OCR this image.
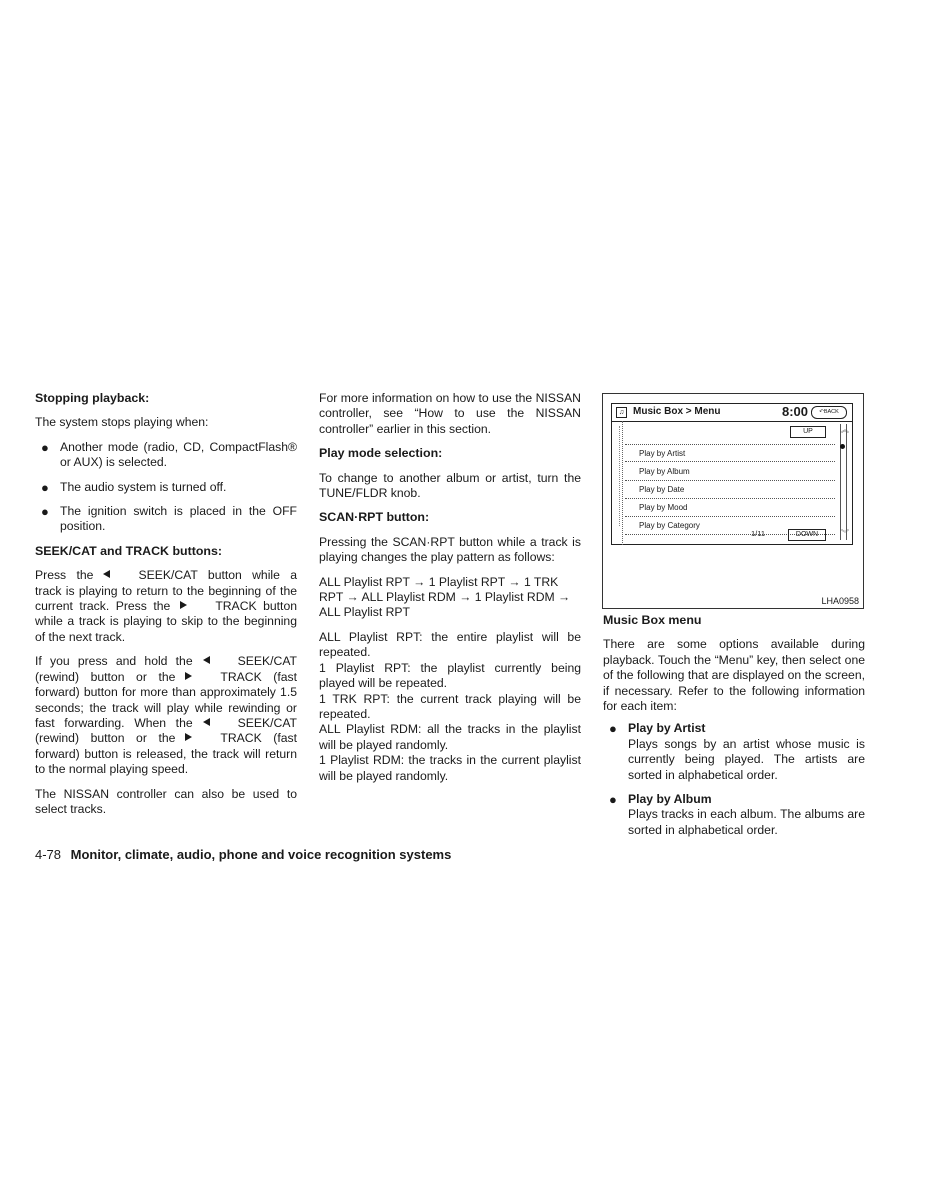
Stopping playback:

The system stops playing when:

● Another mode (radio, CD, CompactFlash® or AUX) is selected.
● The audio system is turned off.
● The ignition switch is placed in the OFF position.
SEEK/CAT and TRACK buttons:

Press the	SEEK/CAT button while a track is playing to return to the beginning of the current track. Press the	TRACK button while a track is playing to skip to the beginning of the next track.

If you press and hold the	SEEK/CAT (rewind) button or the	TRACK (fast forward) button for more than approximately 1.5 seconds; the track will play while rewinding or fast forwarding. When the	SEEK/CAT (rewind) button or the	TRACK (fast forward) button is released, the track will return to the normal playing speed.

The NISSAN controller can also be used to select tracks.

For more information on how to use the NISSAN controller, see “How to use the NISSAN controller” earlier in this section.

Play mode selection:

To change to another album or artist, turn the TUNE/FLDR knob.

SCAN·RPT button:

Pressing the SCAN·RPT button while a track is playing changes the play pattern as follows:

ALL Playlist RPT → 1 Playlist RPT → 1 TRK RPT → ALL Playlist RDM → 1 Playlist RDM → ALL Playlist RPT

ALL Playlist RPT: the entire playlist will be repeated.

1 Playlist RPT: the playlist currently being played will be repeated.

1 TRK RPT: the current track playing will be repeated.

ALL Playlist RDM: all the tracks in the playlist will be played randomly.

1 Playlist RDM: the tracks in the current playlist will be played randomly.

♫ Music Box > Menu	8:00	↶BACK
UP	︽
Play by Artist
Play by Album
Play by Date
Play by Mood
Play by Category
1/11	DOWN	︾
LHA0958
Music Box menu

There are some options available during playback. Touch the “Menu” key, then select one of the following that are displayed on the screen, if necessary. Refer to the following information for each item:

● Play by Artist
Plays songs by an artist whose music is currently being played. The artists are sorted in alphabetical order.
● Play by Album
Plays tracks in each album. The albums are sorted in alphabetical order.
4-78 Monitor, climate, audio, phone and voice recognition systems
